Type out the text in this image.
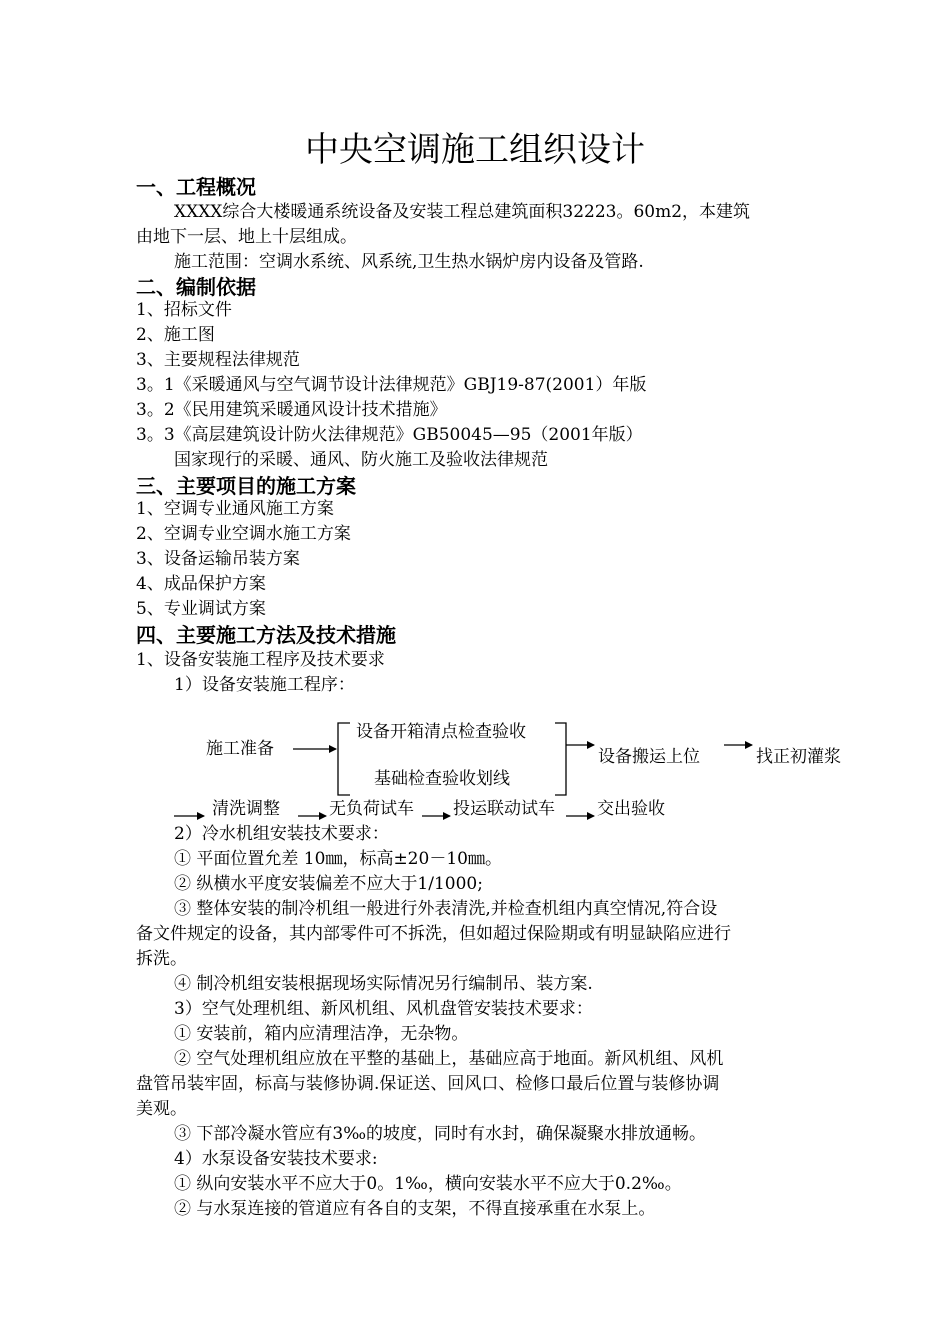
中央空调施工组织设计
一、工程概况
XXXX综合大楼暖通系统设备及安装工程总建筑面积32223。60m2，本建筑
由地下一层、地上十层组成。
施工范围：空调水系统、风系统,卫生热水锅炉房内设备及管路.
二、编制依据
1、招标文件
2、施工图
3、主要规程法律规范
3。1《采暖通风与空气调节设计法律规范》GBJ19-87(2001）年版
3。2《民用建筑采暖通风设计技术措施》
3。3《高层建筑设计防火法律规范》GB50045—95（2001年版）
国家现行的采暖、通风、防火施工及验收法律规范
三、主要项目的施工方案
1、空调专业通风施工方案
2、空调专业空调水施工方案
3、设备运输吊装方案
4、成品保护方案
5、专业调试方案
四、主要施工方法及技术措施
1、设备安装施工程序及技术要求
1）设备安装施工程序：
施工准备
设备开箱清点检查验收
基础检查验收划线
设备搬运上位	找正初灌浆
清洗调整	无负荷试车 投运联动试车 交出验收
2）冷水机组安装技术要求：
① 平面位置允差 10㎜，标高±20－10㎜。
② 纵横水平度安装偏差不应大于1/1000;
③ 整体安装的制冷机组一般进行外表清洗,并检查机组内真空情况,符合设
备文件规定的设备，其内部零件可不拆洗，但如超过保险期或有明显缺陷应进行
拆洗。
④ 制冷机组安装根据现场实际情况另行编制吊、装方案.
3）空气处理机组、新风机组、风机盘管安装技术要求：
① 安装前，箱内应清理洁净，无杂物。
② 空气处理机组应放在平整的基础上，基础应高于地面。新风机组、风机
盘管吊装牢固，标高与装修协调.保证送、回风口、检修口最后位置与装修协调
美观。
③ 下部冷凝水管应有3‰的坡度，同时有水封，确保凝聚水排放通畅。
4）水泵设备安装技术要求:
① 纵向安装水平不应大于0。1‰，横向安装水平不应大于0.2‰。
② 与水泵连接的管道应有各自的支架，不得直接承重在水泵上。
